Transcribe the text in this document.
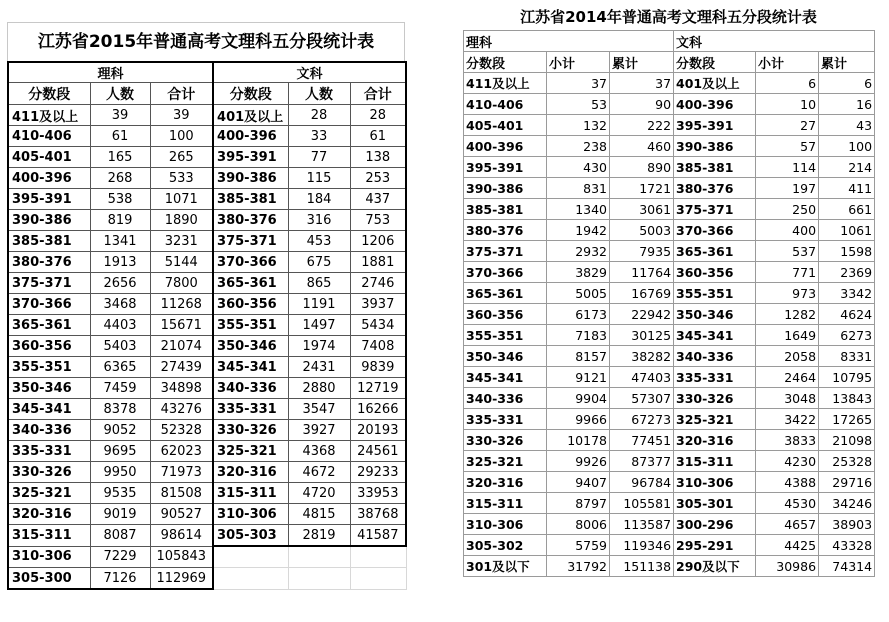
江苏省2015年普通高考文理科五分段统计表
理科			文科		
分数段	人数	合计	分数段	人数	合计
411及以上	39	39	401及以上	28	28
410-406	61	100	400-396	33	61
405-401	165	265	395-391	77	138
400-396	268	533	390-386	115	253
395-391	538	1071	385-381	184	437
390-386	819	1890	380-376	316	753
385-381	1341	3231	375-371	453	1206
380-376	1913	5144	370-366	675	1881
375-371	2656	7800	365-361	865	2746
370-366	3468	11268	360-356	1191	3937
365-361	4403	15671	355-351	1497	5434
360-356	5403	21074	350-346	1974	7408
355-351	6365	27439	345-341	2431	9839
350-346	7459	34898	340-336	2880	12719
345-341	8378	43276	335-331	3547	16266
340-336	9052	52328	330-326	3927	20193
335-331	9695	62023	325-321	4368	24561
330-326	9950	71973	320-316	4672	29233
325-321	9535	81508	315-311	4720	33953
320-316	9019	90527	310-306	4815	38768
315-311	8087	98614	305-303	2819	41587
310-306	7229	105843			
305-300	7126	112969			
江苏省2014年普通高考文理科五分段统计表
理科			文科		
分数段	小计	累计	分数段	小计	累计
411及以上	37	37	401及以上	6	6
410-406	53	90	400-396	10	16
405-401	132	222	395-391	27	43
400-396	238	460	390-386	57	100
395-391	430	890	385-381	114	214
390-386	831	1721	380-376	197	411
385-381	1340	3061	375-371	250	661
380-376	1942	5003	370-366	400	1061
375-371	2932	7935	365-361	537	1598
370-366	3829	11764	360-356	771	2369
365-361	5005	16769	355-351	973	3342
360-356	6173	22942	350-346	1282	4624
355-351	7183	30125	345-341	1649	6273
350-346	8157	38282	340-336	2058	8331
345-341	9121	47403	335-331	2464	10795
340-336	9904	57307	330-326	3048	13843
335-331	9966	67273	325-321	3422	17265
330-326	10178	77451	320-316	3833	21098
325-321	9926	87377	315-311	4230	25328
320-316	9407	96784	310-306	4388	29716
315-311	8797	105581	305-301	4530	34246
310-306	8006	113587	300-296	4657	38903
305-302	5759	119346	295-291	4425	43328
301及以下	31792	151138	290及以下	30986	74314
